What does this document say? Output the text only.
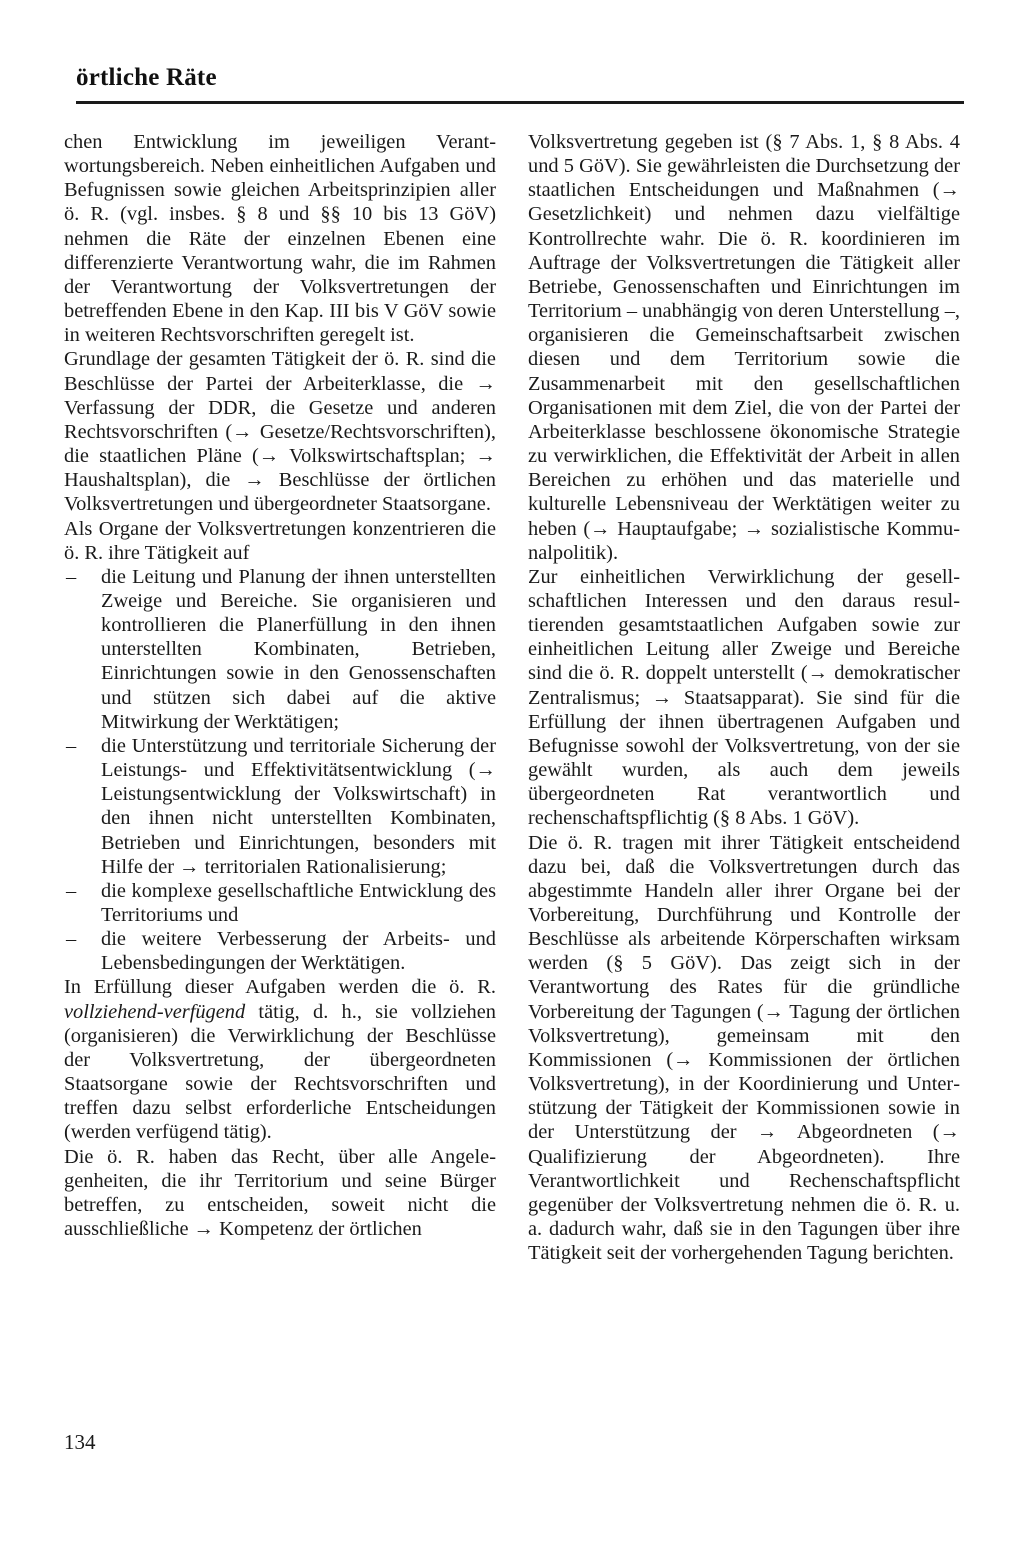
örtliche Räte

chen Entwicklung im jeweiligen Verantwortungsbereich. Neben einheitlichen Aufgaben und Befugnissen sowie gleichen Arbeitsprinzipien aller ö. R. (vgl. insbes. § 8 und §§ 10 bis 13 GöV) nehmen die Räte der einzelnen Ebenen eine differenzierte Verantwortung wahr, die im Rahmen der Verantwortung der Volksvertretungen der betreffenden Ebene in den Kap. III bis V GöV sowie in weiteren Rechtsvorschriften geregelt ist.

Grundlage der gesamten Tätigkeit der ö. R. sind die Beschlüsse der Partei der Arbeiterklasse, die → Verfassung der DDR, die Gesetze und anderen Rechtsvorschriften (→ Gesetze/Rechtsvorschriften), die staatlichen Pläne (→ Volkswirtschaftsplan; → Haushaltsplan), die → Beschlüsse der örtlichen Volksvertretungen und übergeordneter Staatsorgane.

Als Organe der Volksvertretungen konzentrieren die ö. R. ihre Tätigkeit auf

– die Leitung und Planung der ihnen unterstellten Zweige und Bereiche. Sie organisieren und kontrollieren die Planerfüllung in den ihnen unterstellten Kombinaten, Betrieben, Einrichtungen sowie in den Genossenschaften und stützen sich dabei auf die aktive Mitwirkung der Werktätigen;
– die Unterstützung und territoriale Sicherung der Leistungs- und Effektivitätsentwicklung (→ Leistungsentwicklung der Volkswirtschaft) in den ihnen nicht unterstellten Kombinaten, Betrieben und Einrichtungen, besonders mit Hilfe der → territorialen Rationalisierung;
– die komplexe gesellschaftliche Entwicklung des Territoriums und
– die weitere Verbesserung der Arbeits- und Lebensbedingungen der Werktätigen.

In Erfüllung dieser Aufgaben werden die ö. R. vollziehend-verfügend tätig, d. h., sie vollziehen (organisieren) die Verwirklichung der Beschlüsse der Volksvertretung, der übergeordneten Staatsorgane sowie der Rechtsvorschriften und treffen dazu selbst erforderliche Entscheidungen (werden verfügend tätig).

Die ö. R. haben das Recht, über alle Angelegenheiten, die ihr Territorium und seine Bürger betreffen, zu entscheiden, soweit nicht die ausschließliche → Kompetenz der örtlichen

Volksvertretung gegeben ist (§ 7 Abs. 1, § 8 Abs. 4 und 5 GöV). Sie gewährleisten die Durchsetzung der staatlichen Entscheidungen und Maßnahmen (→ Gesetzlichkeit) und nehmen dazu vielfältige Kontrollrechte wahr. Die ö. R. koordinieren im Auftrage der Volksvertretungen die Tätigkeit aller Betriebe, Genossenschaften und Einrichtungen im Territorium – unabhängig von deren Unterstellung –, organisieren die Gemeinschaftsarbeit zwischen diesen und dem Territorium sowie die Zusammenarbeit mit den gesellschaftlichen Organisationen mit dem Ziel, die von der Partei der Arbeiterklasse beschlossene ökonomische Strategie zu verwirklichen, die Effektivität der Arbeit in allen Bereichen zu erhöhen und das materielle und kulturelle Lebensniveau der Werktätigen weiter zu heben (→ Hauptaufgabe; → sozialistische Kommunalpolitik).

Zur einheitlichen Verwirklichung der gesellschaftlichen Interessen und den daraus resultierenden gesamtstaatlichen Aufgaben sowie zur einheitlichen Leitung aller Zweige und Bereiche sind die ö. R. doppelt unterstellt (→ demokratischer Zentralismus; → Staatsapparat). Sie sind für die Erfüllung der ihnen übertragenen Aufgaben und Befugnisse sowohl der Volksvertretung, von der sie gewählt wurden, als auch dem jeweils übergeordneten Rat verantwortlich und rechenschaftspflichtig (§ 8 Abs. 1 GöV).

Die ö. R. tragen mit ihrer Tätigkeit entscheidend dazu bei, daß die Volksvertretungen durch das abgestimmte Handeln aller ihrer Organe bei der Vorbereitung, Durchführung und Kontrolle der Beschlüsse als arbeitende Körperschaften wirksam werden (§ 5 GöV). Das zeigt sich in der Verantwortung des Rates für die gründliche Vorbereitung der Tagungen (→ Tagung der örtlichen Volksvertretung), gemeinsam mit den Kommissionen (→ Kommissionen der örtlichen Volksvertretung), in der Koordinierung und Unterstützung der Tätigkeit der Kommissionen sowie in der Unterstützung der → Abgeordneten (→ Qualifizierung der Abgeordneten). Ihre Verantwortlichkeit und Rechenschaftspflicht gegenüber der Volksvertretung nehmen die ö. R. u. a. dadurch wahr, daß sie in den Tagungen über ihre Tätigkeit seit der vorhergehenden Tagung berichten.

134
